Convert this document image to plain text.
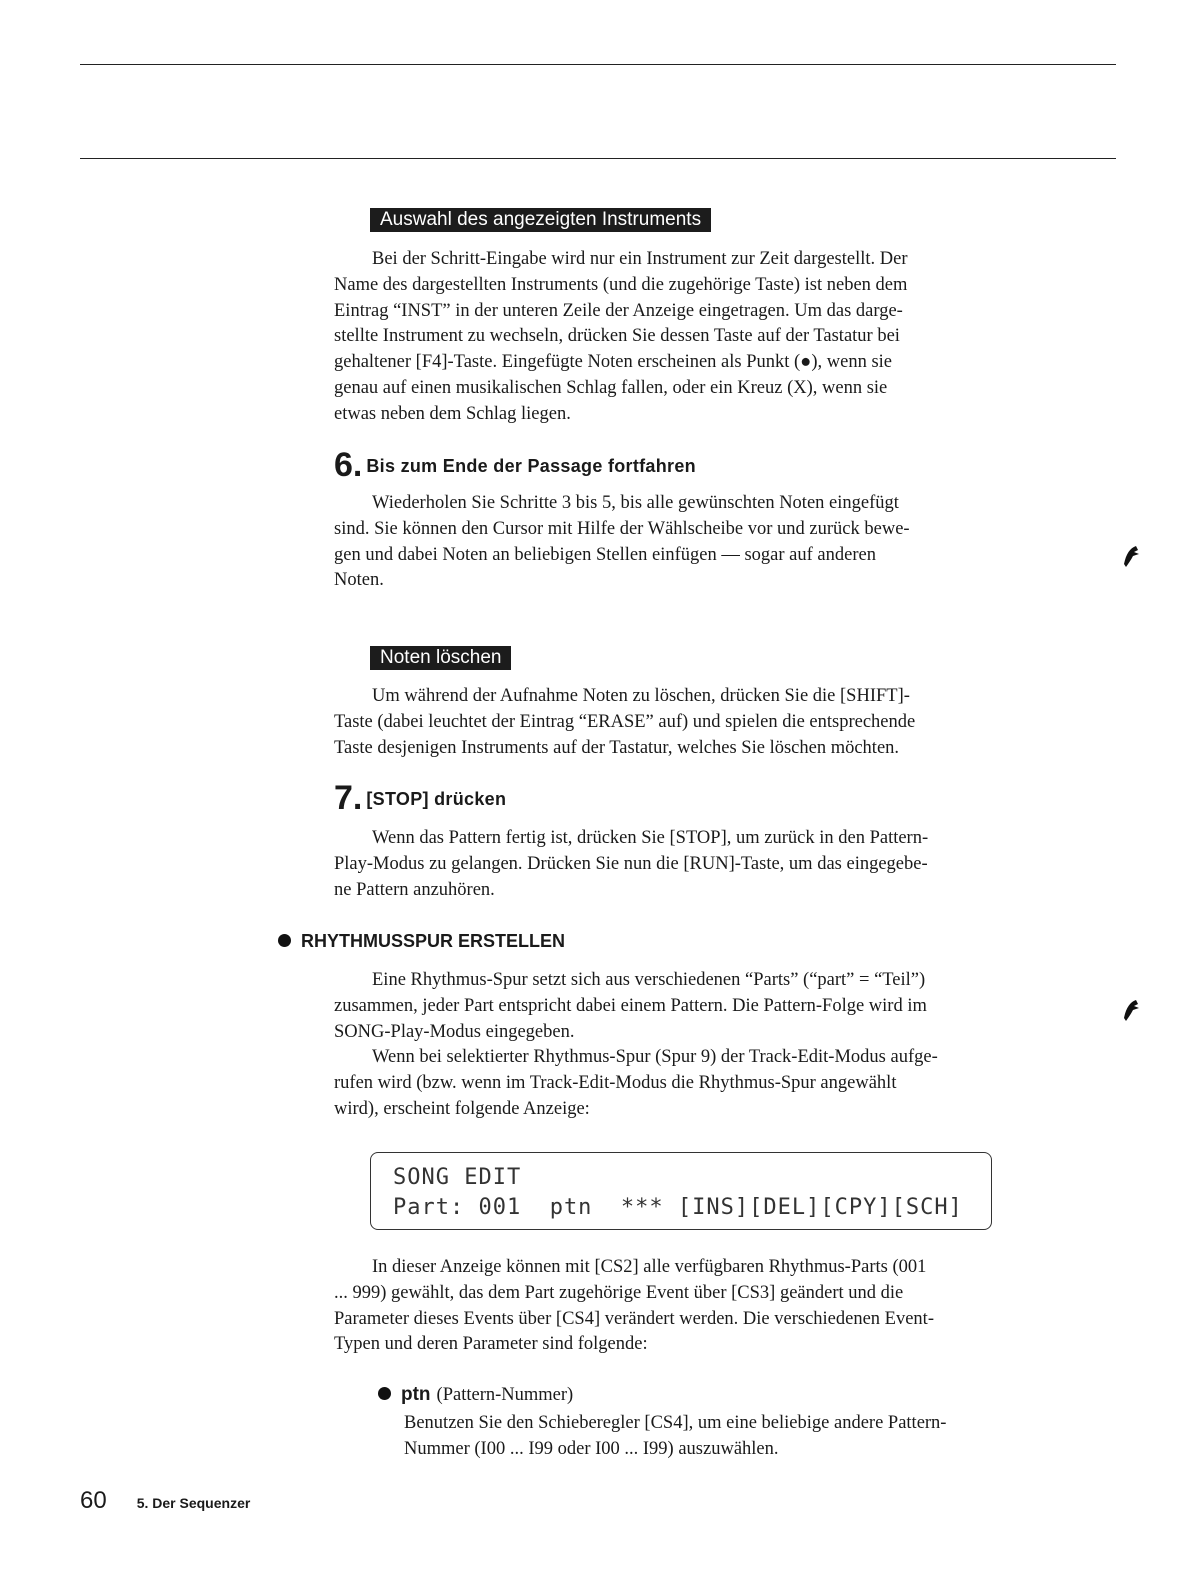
Auswahl des angezeigten Instruments
Bei der Schritt-Eingabe wird nur ein Instrument zur Zeit dargestellt. Der
Name des dargestellten Instruments (und die zugehörige Taste) ist neben dem
Eintrag “INST” in der unteren Zeile der Anzeige eingetragen. Um das darge-
stellte Instrument zu wechseln, drücken Sie dessen Taste auf der Tastatur bei
gehaltener [F4]-Taste. Eingefügte Noten erscheinen als Punkt (●), wenn sie
genau auf einen musikalischen Schlag fallen, oder ein Kreuz (X), wenn sie
etwas neben dem Schlag liegen.
6. Bis zum Ende der Passage fortfahren
Wiederholen Sie Schritte 3 bis 5, bis alle gewünschten Noten eingefügt
sind. Sie können den Cursor mit Hilfe der Wählscheibe vor und zurück bewe-
gen und dabei Noten an beliebigen Stellen einfügen — sogar auf anderen
Noten.
Noten löschen
Um während der Aufnahme Noten zu löschen, drücken Sie die [SHIFT]-
Taste (dabei leuchtet der Eintrag “ERASE” auf) und spielen die entsprechende
Taste desjenigen Instruments auf der Tastatur, welches Sie löschen möchten.
7. [STOP] drücken
Wenn das Pattern fertig ist, drücken Sie [STOP], um zurück in den Pattern-
Play-Modus zu gelangen. Drücken Sie nun die [RUN]-Taste, um das eingegebe-
ne Pattern anzuhören.
RHYTHMUSSPUR ERSTELLEN
Eine Rhythmus-Spur setzt sich aus verschiedenen “Parts” (“part” = “Teil”)
zusammen, jeder Part entspricht dabei einem Pattern. Die Pattern-Folge wird im
SONG-Play-Modus eingegeben.
Wenn bei selektierter Rhythmus-Spur (Spur 9) der Track-Edit-Modus aufge-
rufen wird (bzw. wenn im Track-Edit-Modus die Rhythmus-Spur angewählt
wird), erscheint folgende Anzeige:
SONG EDIT
Part: 001  ptn  *** [INS][DEL][CPY][SCH]
In dieser Anzeige können mit [CS2] alle verfügbaren Rhythmus-Parts (001
... 999) gewählt, das dem Part zugehörige Event über [CS3] geändert und die
Parameter dieses Events über [CS4] verändert werden. Die verschiedenen Event-
Typen und deren Parameter sind folgende:
ptn (Pattern-Nummer)
Benutzen Sie den Schieberegler [CS4], um eine beliebige andere Pattern-
Nummer (I00 ... I99 oder I00 ... I99) auszuwählen.
60 5. Der Sequenzer
